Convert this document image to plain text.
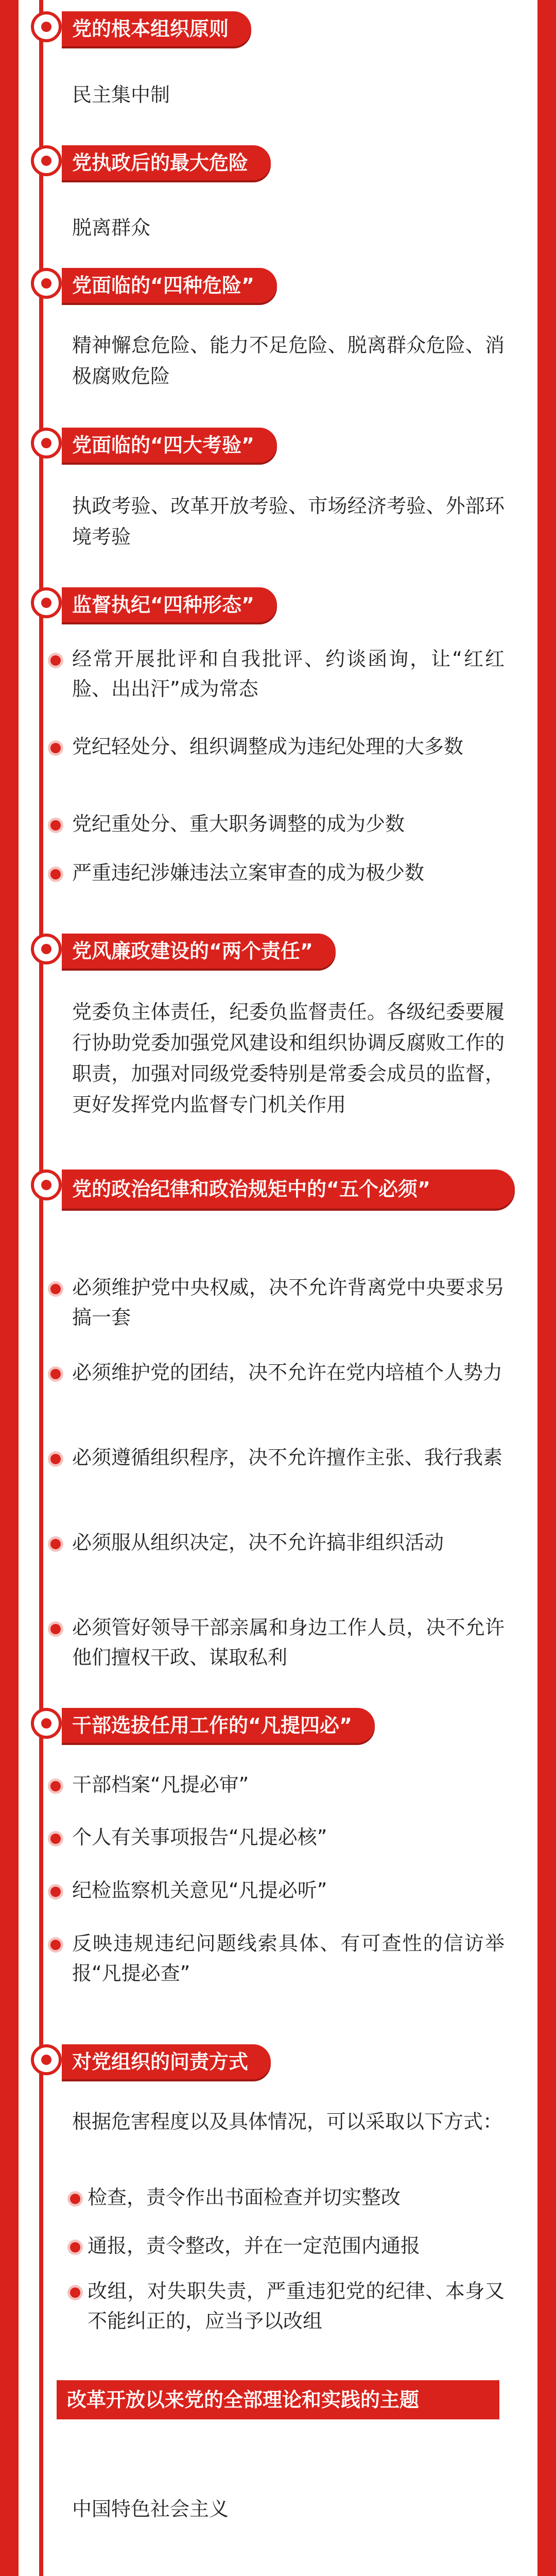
党的根本组织原则
民主集中制
党执政后的最大危险
脱离群众
党面临的“四种危险”
精神懈怠危险、能力不足危险、脱离群众危险、消极腐败危险
党面临的“四大考验”
执政考验、改革开放考验、市场经济考验、外部环境考验
监督执纪“四种形态”
经常开展批评和自我批评、约谈函询，让“红红脸、出出汗”成为常态
党纪轻处分、组织调整成为违纪处理的大多数
党纪重处分、重大职务调整的成为少数
严重违纪涉嫌违法立案审查的成为极少数
党风廉政建设的“两个责任”
党委负主体责任，纪委负监督责任。各级纪委要履行协助党委加强党风建设和组织协调反腐败工作的职责，加强对同级党委特别是常委会成员的监督，更好发挥党内监督专门机关作用
党的政治纪律和政治规矩中的“五个必须”
必须维护党中央权威，决不允许背离党中央要求另搞一套
必须维护党的团结，决不允许在党内培植个人势力
必须遵循组织程序，决不允许擅作主张、我行我素
必须服从组织决定，决不允许搞非组织活动
必须管好领导干部亲属和身边工作人员，决不允许他们擅权干政、谋取私利
干部选拔任用工作的“凡提四必”
干部档案“凡提必审”
个人有关事项报告“凡提必核”
纪检监察机关意见“凡提必听”
反映违规违纪问题线索具体、有可查性的信访举报“凡提必查”
对党组织的问责方式
根据危害程度以及具体情况，可以采取以下方式：
检查，责令作出书面检查并切实整改
通报，责令整改，并在一定范围内通报
改组，对失职失责，严重违犯党的纪律、本身又不能纠正的，应当予以改组
改革开放以来党的全部理论和实践的主题
中国特色社会主义
